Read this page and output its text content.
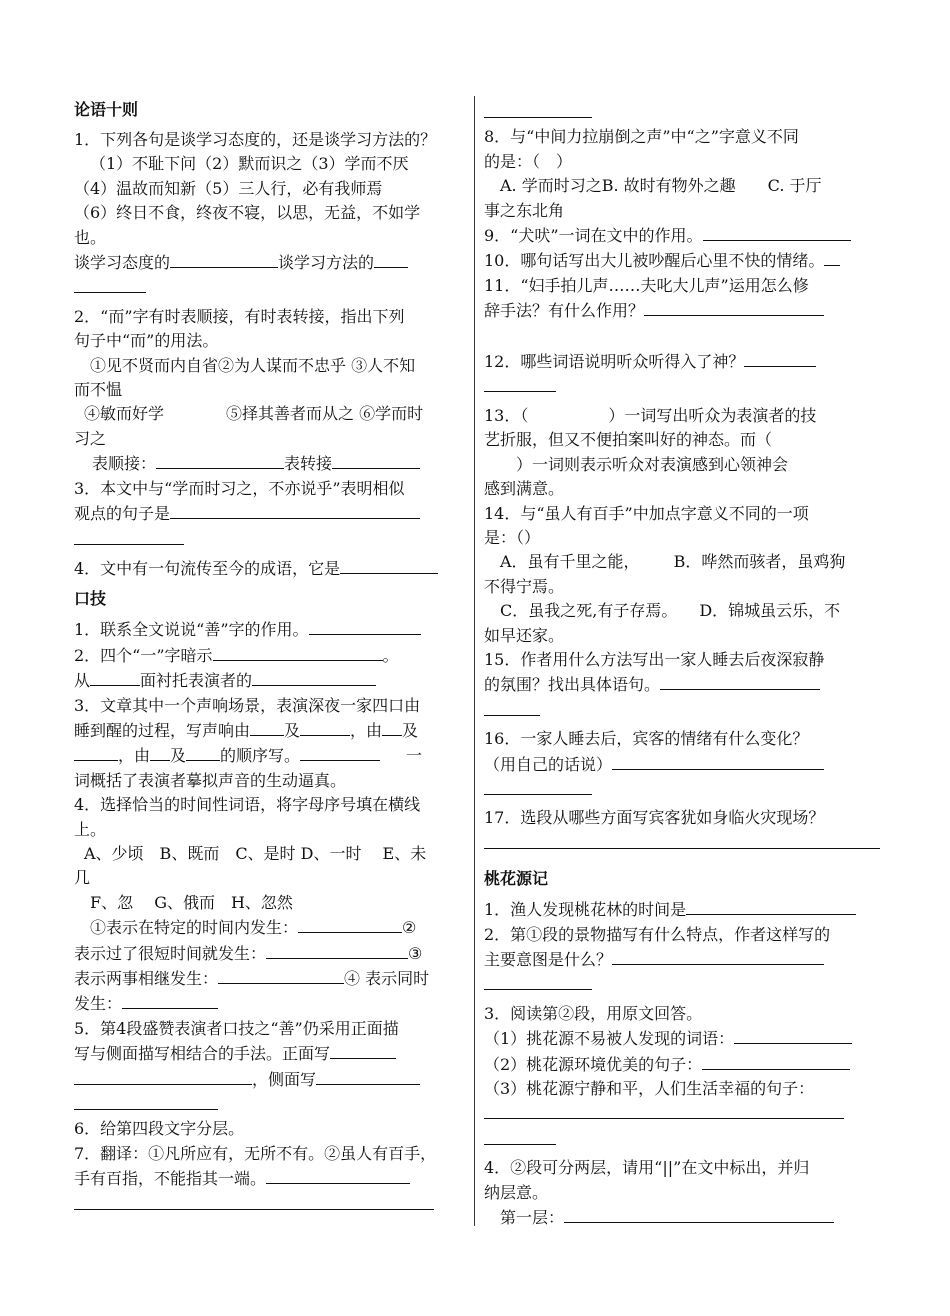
论语十则
1．下列各句是谈学习态度的，还是谈学习方法的？
（1）不耻下问（2）默而识之（3）学而不厌
（4）温故而知新（5）三人行，必有我师焉
（6）终日不食，终夜不寝，以思，无益，不如学
也。
谈学习态度的	谈学习方法的
2．“而”字有时表顺接，有时表转接，指出下列
句子中“而”的用法。
①见不贤而内自省②为人谋而不忠乎 ③人不知
而不愠
④敏而好学	⑤择其善者而从之 ⑥学而时
习之
表顺接：	表转接
3．本文中与“学而时习之，不亦说乎”表明相似
观点的句子是
4．文中有一句流传至今的成语，它是
口技
1．联系全文说说“善”字的作用。
2．四个“一”字暗示	。
从	面衬托表演者的
3．文章其中一个声响场景，表演深夜一家四口由
睡到醒的过程，写声响由 及	，由 及
，由 及 的顺序写。	一
词概括了表演者摹拟声音的生动逼真。
4．选择恰当的时间性词语，将字母序号填在横线
上。
A、少顷　B、既而　C、是时 D、一时　 E、未
几
F、忽　 G、俄而　H、忽然
①表示在特定的时间内发生：	②
表示过了很短时间就发生：	③
表示两事相继发生：	④ 表示同时
发生：
5．第4段盛赞表演者口技之“善”仍采用正面描
写与侧面描写相结合的手法。正面写
，侧面写
6．给第四段文字分层。
7．翻译：①凡所应有，无所不有。②虽人有百手，
手有百指，不能指其一端。
8．与“中间力拉崩倒之声”中“之”字意义不同
的是：（　）
A. 学而时习之B. 故时有物外之趣　　C. 于厅
事之东北角
9．“犬吠”一词在文中的作用。
10．哪句话写出大儿被吵醒后心里不快的情绪。
11．“妇手拍儿声……夫叱大儿声”运用怎么修
辞手法？有什么作用？
12．哪些词语说明听众听得入了神？
13．（　　　　　）一词写出听众为表演者的技
艺折服，但又不便拍案叫好的神态。而（
　　）一词则表示听众对表演感到心领神会
感到满意。
14．与“虽人有百手”中加点字意义不同的一项
是：（）
A．虽有千里之能， B．哗然而骇者，虽鸡狗
不得宁焉。
C．虽我之死,有子存焉。 D．锦城虽云乐，不
如早还家。
15．作者用什么方法写出一家人睡去后夜深寂静
的氛围？找出具体语句。
16．一家人睡去后，宾客的情绪有什么变化？
（用自己的话说）
17．选段从哪些方面写宾客犹如身临火灾现场？
桃花源记
1．渔人发现桃花林的时间是
2．第①段的景物描写有什么特点，作者这样写的
主要意图是什么？
3．阅读第②段，用原文回答。
（1）挑花源不易被人发现的词语：
（2）桃花源环境优美的句子：
（3）桃花源宁静和平，人们生活幸福的句子：
4．②段可分两层，请用“||”在文中标出，并归
纳层意。
第一层：
